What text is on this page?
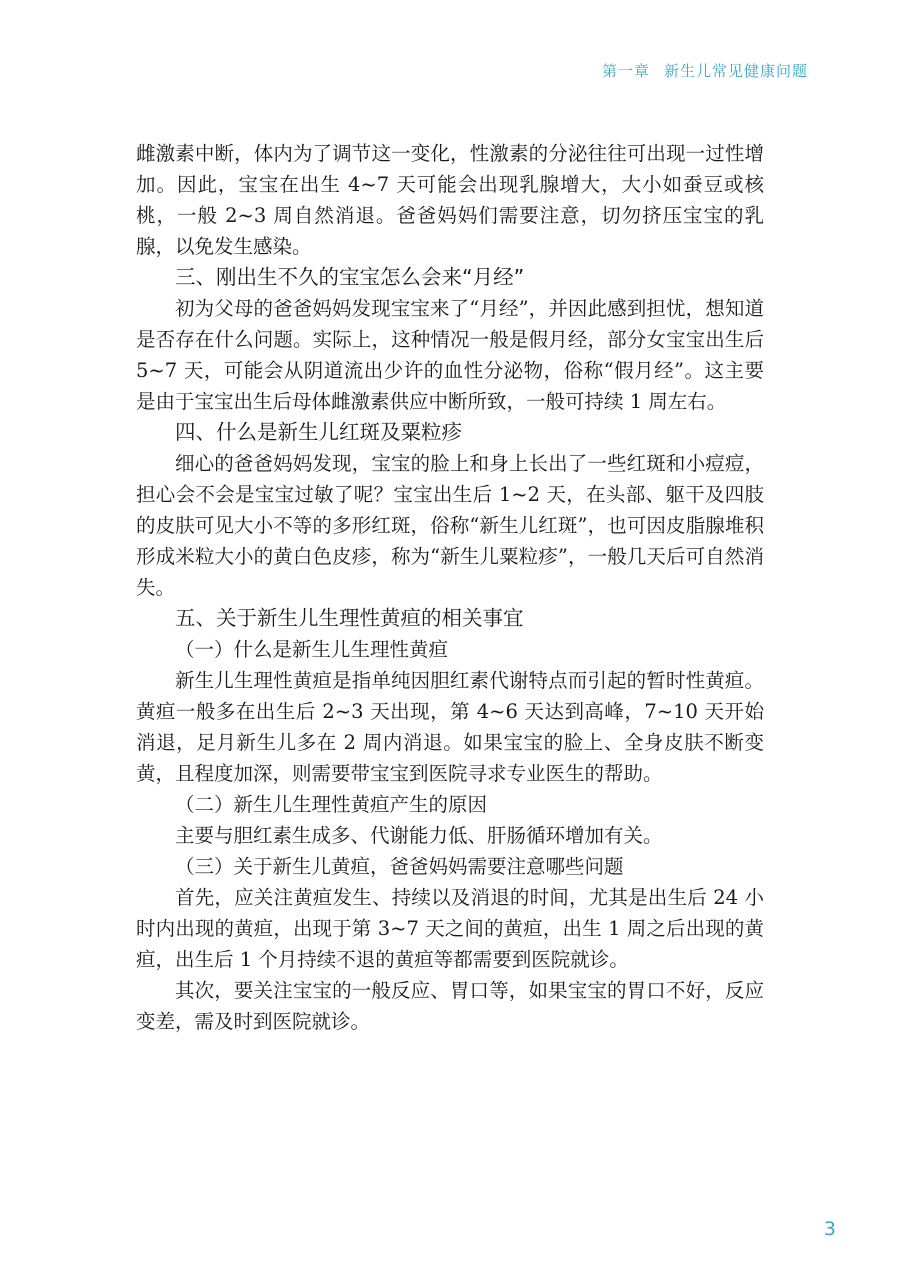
第一章 新生儿常见健康问题

雌激素中断，体内为了调节这一变化，性激素的分泌往往可出现一过性增加。因此，宝宝在出生 4~7 天可能会出现乳腺增大，大小如蚕豆或核桃，一般 2~3 周自然消退。爸爸妈妈们需要注意，切勿挤压宝宝的乳腺，以免发生感染。

三、刚出生不久的宝宝怎么会来“月经”

初为父母的爸爸妈妈发现宝宝来了“月经”，并因此感到担忧，想知道是否存在什么问题。实际上，这种情况一般是假月经，部分女宝宝出生后 5~7 天，可能会从阴道流出少许的血性分泌物，俗称“假月经”。这主要是由于宝宝出生后母体雌激素供应中断所致，一般可持续 1 周左右。

四、什么是新生儿红斑及粟粒疹

细心的爸爸妈妈发现，宝宝的脸上和身上长出了一些红斑和小痘痘，担心会不会是宝宝过敏了呢？宝宝出生后 1~2 天，在头部、躯干及四肢的皮肤可见大小不等的多形红斑，俗称“新生儿红斑”，也可因皮脂腺堆积形成米粒大小的黄白色皮疹，称为“新生儿粟粒疹”，一般几天后可自然消失。

五、关于新生儿生理性黄疸的相关事宜
（一）什么是新生儿生理性黄疸

新生儿生理性黄疸是指单纯因胆红素代谢特点而引起的暂时性黄疸。黄疸一般多在出生后 2~3 天出现，第 4~6 天达到高峰，7~10 天开始消退，足月新生儿多在 2 周内消退。如果宝宝的脸上、全身皮肤不断变黄，且程度加深，则需要带宝宝到医院寻求专业医生的帮助。

（二）新生儿生理性黄疸产生的原因

主要与胆红素生成多、代谢能力低、肝肠循环增加有关。

（三）关于新生儿黄疸，爸爸妈妈需要注意哪些问题

首先，应关注黄疸发生、持续以及消退的时间，尤其是出生后 24 小时内出现的黄疸，出现于第 3~7 天之间的黄疸，出生 1 周之后出现的黄疸，出生后 1 个月持续不退的黄疸等都需要到医院就诊。

其次，要关注宝宝的一般反应、胃口等，如果宝宝的胃口不好，反应变差，需及时到医院就诊。

3
